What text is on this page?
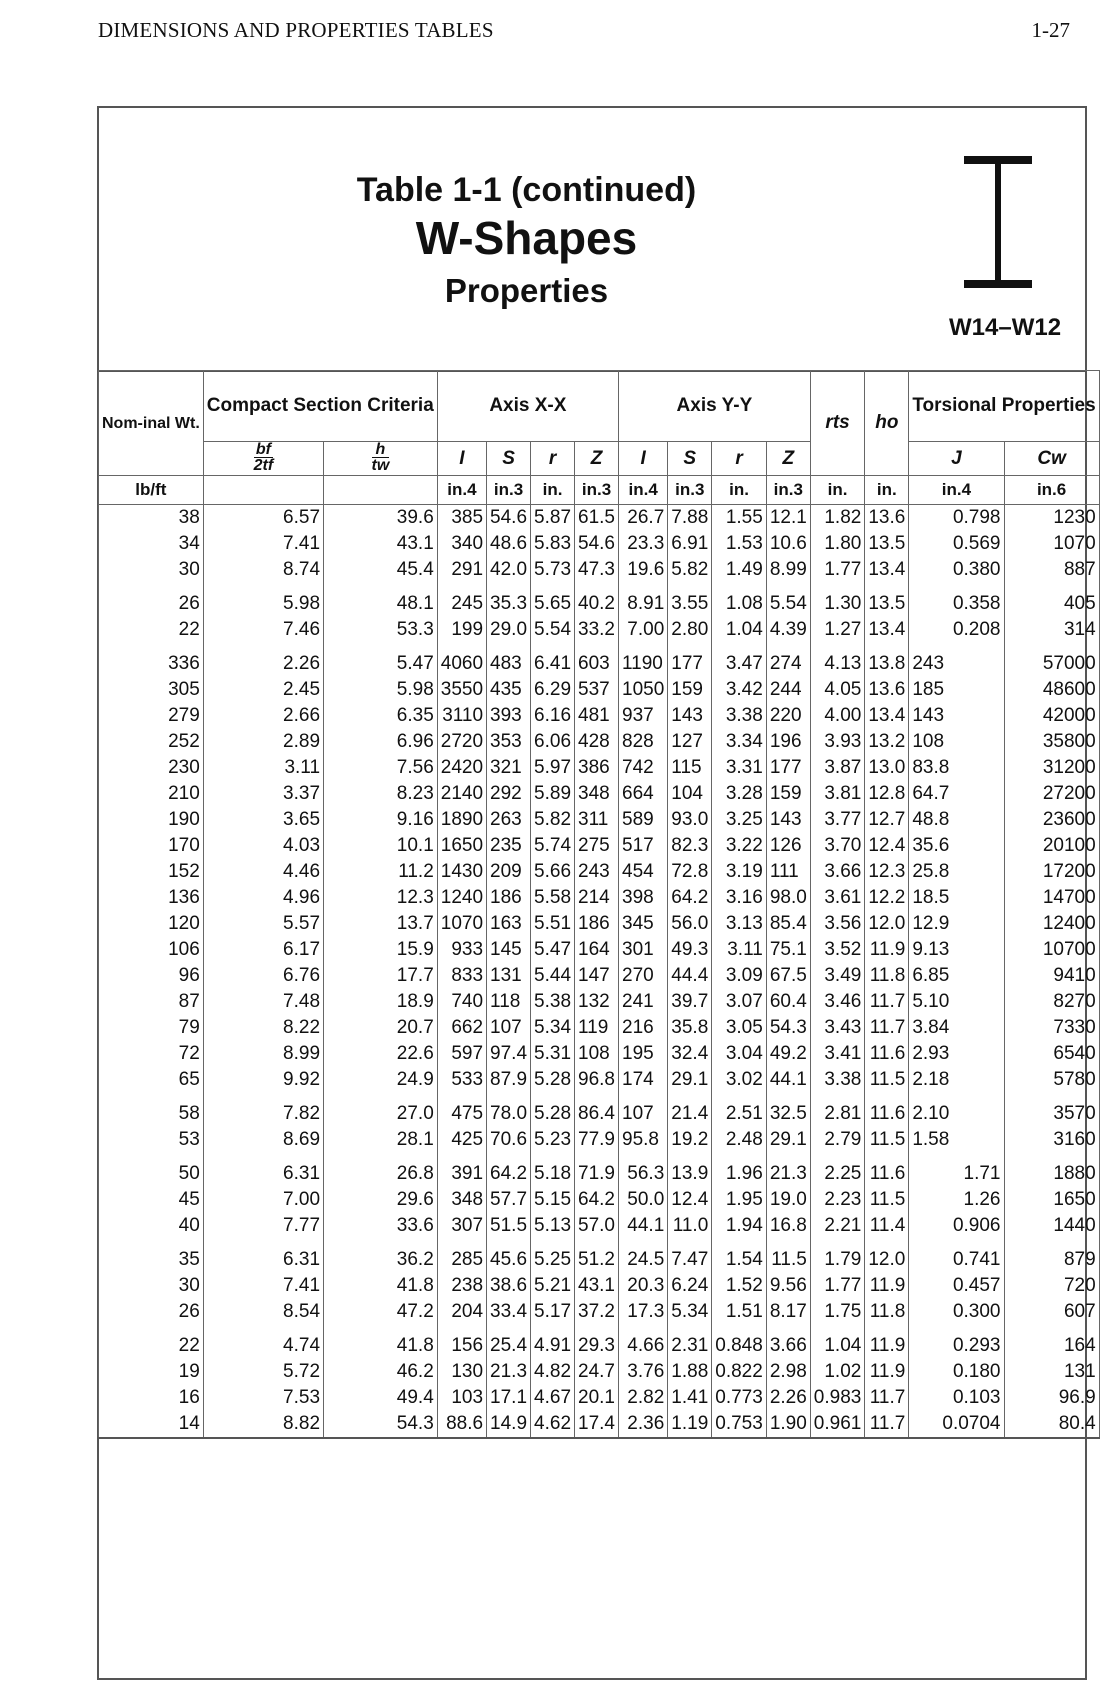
DIMENSIONS AND PROPERTIES TABLES	1-27
Table 1-1 (continued)
W-Shapes
Properties
W14–W12
Nom-inal Wt.	Compact Section Criteria		Axis X-X				Axis Y-Y				rts	ho	Torsional Properties	

	$\frac{bf}{2tf}$	$\frac{h}{tw}$	I	S	r	Z	I	S	r	Z			J	Cw
lb/ft			in.4	in.3	in.	in.3	in.4	in.3	in.	in.3	in.	in.	in.4	in.6
38	6.57	39.6	385	54.6	5.87	61.5	26.7	7.88	1.55	12.1	1.82	13.6	0.798	1230
34	7.41	43.1	340	48.6	5.83	54.6	23.3	6.91	1.53	10.6	1.80	13.5	0.569	1070
30	8.74	45.4	291	42.0	5.73	47.3	19.6	5.82	1.49	8.99	1.77	13.4	0.380	887
26	5.98	48.1	245	35.3	5.65	40.2	8.91	3.55	1.08	5.54	1.30	13.5	0.358	405
22	7.46	53.3	199	29.0	5.54	33.2	7.00	2.80	1.04	4.39	1.27	13.4	0.208	314
336	2.26	5.47	4060	483	6.41	603	1190	177	3.47	274	4.13	13.8	243	57000
305	2.45	5.98	3550	435	6.29	537	1050	159	3.42	244	4.05	13.6	185	48600
279	2.66	6.35	3110	393	6.16	481	937	143	3.38	220	4.00	13.4	143	42000
252	2.89	6.96	2720	353	6.06	428	828	127	3.34	196	3.93	13.2	108	35800
230	3.11	7.56	2420	321	5.97	386	742	115	3.31	177	3.87	13.0	83.8	31200
210	3.37	8.23	2140	292	5.89	348	664	104	3.28	159	3.81	12.8	64.7	27200
190	3.65	9.16	1890	263	5.82	311	589	93.0	3.25	143	3.77	12.7	48.8	23600
170	4.03	10.1	1650	235	5.74	275	517	82.3	3.22	126	3.70	12.4	35.6	20100
152	4.46	11.2	1430	209	5.66	243	454	72.8	3.19	111	3.66	12.3	25.8	17200
136	4.96	12.3	1240	186	5.58	214	398	64.2	3.16	98.0	3.61	12.2	18.5	14700
120	5.57	13.7	1070	163	5.51	186	345	56.0	3.13	85.4	3.56	12.0	12.9	12400
106	6.17	15.9	933	145	5.47	164	301	49.3	3.11	75.1	3.52	11.9	9.13	10700
96	6.76	17.7	833	131	5.44	147	270	44.4	3.09	67.5	3.49	11.8	6.85	9410
87	7.48	18.9	740	118	5.38	132	241	39.7	3.07	60.4	3.46	11.7	5.10	8270
79	8.22	20.7	662	107	5.34	119	216	35.8	3.05	54.3	3.43	11.7	3.84	7330
72	8.99	22.6	597	97.4	5.31	108	195	32.4	3.04	49.2	3.41	11.6	2.93	6540
65	9.92	24.9	533	87.9	5.28	96.8	174	29.1	3.02	44.1	3.38	11.5	2.18	5780
58	7.82	27.0	475	78.0	5.28	86.4	107	21.4	2.51	32.5	2.81	11.6	2.10	3570
53	8.69	28.1	425	70.6	5.23	77.9	95.8	19.2	2.48	29.1	2.79	11.5	1.58	3160
50	6.31	26.8	391	64.2	5.18	71.9	56.3	13.9	1.96	21.3	2.25	11.6	1.71	1880
45	7.00	29.6	348	57.7	5.15	64.2	50.0	12.4	1.95	19.0	2.23	11.5	1.26	1650
40	7.77	33.6	307	51.5	5.13	57.0	44.1	11.0	1.94	16.8	2.21	11.4	0.906	1440
35	6.31	36.2	285	45.6	5.25	51.2	24.5	7.47	1.54	11.5	1.79	12.0	0.741	879
30	7.41	41.8	238	38.6	5.21	43.1	20.3	6.24	1.52	9.56	1.77	11.9	0.457	720
26	8.54	47.2	204	33.4	5.17	37.2	17.3	5.34	1.51	8.17	1.75	11.8	0.300	607
22	4.74	41.8	156	25.4	4.91	29.3	4.66	2.31	0.848	3.66	1.04	11.9	0.293	164
19	5.72	46.2	130	21.3	4.82	24.7	3.76	1.88	0.822	2.98	1.02	11.9	0.180	131
16	7.53	49.4	103	17.1	4.67	20.1	2.82	1.41	0.773	2.26	0.983	11.7	0.103	96.9
14	8.82	54.3	88.6	14.9	4.62	17.4	2.36	1.19	0.753	1.90	0.961	11.7	0.0704	80.4
